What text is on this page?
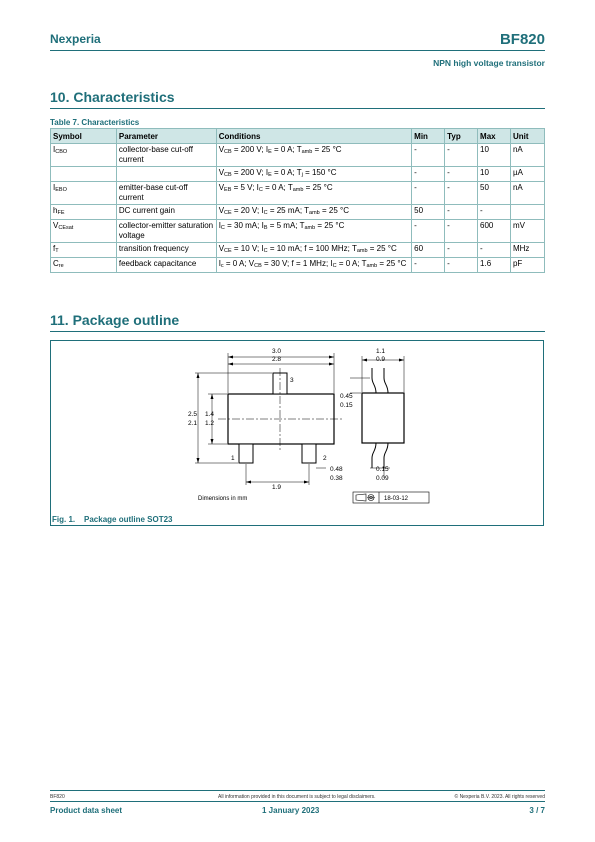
Nexperia	BF820
NPN high voltage transistor
10. Characteristics
Table 7. Characteristics
Symbol	Parameter	Conditions	Min	Typ	Max	Unit
$I_{CBO}$	collector-base cut-off current	$V_{CB} = 200$ V; $I_E = 0$ A; $T_{amb} = 25$ °C	-	-	10	nA
		$V_{CB} = 200$ V; $I_E = 0$ A; $T_j = 150$ °C	-	-	10	µA
$I_{EBO}$	emitter-base cut-off current	$V_{EB} = 5$ V; $I_C = 0$ A; $T_{amb} = 25$ °C	-	-	50	nA
$h_{FE}$	DC current gain	$V_{CE} = 20$ V; $I_C = 25$ mA; $T_{amb} = 25$ °C	50	-	-	
$V_{CEsat}$	collector-emitter saturation voltage	$I_C = 30$ mA; $I_B = 5$ mA; $T_{amb} = 25$ °C	-	-	600	mV
$f_T$	transition frequency	$V_{CE} = 10$ V; $I_C = 10$ mA; f = 100 MHz; $T_{amb} = 25$ °C	60	-	-	MHz
$C_{re}$	feedback capacitance	$I_c = 0$ A; $V_{CB} = 30$ V; f = 1 MHz; $I_C = 0$ A; $T_{amb} = 25$ °C	-	-	1.6	pF
11. Package outline
3.0
2.8
2.5
2.1
1.4
1.2
1.1
0.9
0.45
0.15
0.48
0.38
0.15
0.09
1.9
1	2
3
Dimensions in mm	18-03-12
Fig. 1.    Package outline SOT23
BF820	All information provided in this document is subject to legal disclaimers.	© Nexperia B.V. 2023. All rights reserved
Product data sheet	1 January 2023	3 / 7
